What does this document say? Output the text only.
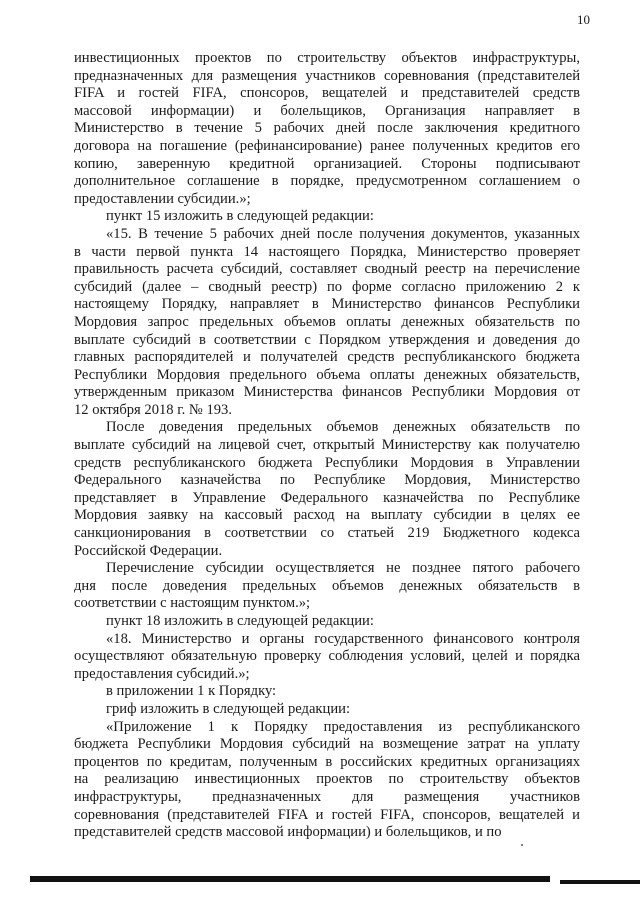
10

инвестиционных проектов по строительству объектов инфраструктуры,

предназначенных для размещения участников соревнования (представителей

FIFA и гостей FIFA, спонсоров, вещателей и представителей средств

массовой информации) и болельщиков, Организация направляет в

Министерство в течение 5 рабочих дней после заключения кредитного

договора на погашение (рефинансирование) ранее полученных кредитов его

копию, заверенную кредитной организацией. Стороны подписывают

дополнительное соглашение в порядке, предусмотренном соглашением о

предоставлении субсидии.»;

пункт 15 изложить в следующей редакции:

«15. В течение 5 рабочих дней после получения документов, указанных

в части первой пункта 14 настоящего Порядка, Министерство проверяет

правильность расчета субсидий, составляет сводный реестр на перечисление

субсидий (далее – сводный реестр) по форме согласно приложению 2 к

настоящему Порядку, направляет в Министерство финансов Республики

Мордовия запрос предельных объемов оплаты денежных обязательств по

выплате субсидий в соответствии с Порядком утверждения и доведения до

главных распорядителей и получателей средств республиканского бюджета

Республики Мордовия предельного объема оплаты денежных обязательств,

утвержденным приказом Министерства финансов Республики Мордовия от

12 октября 2018 г. № 193.

После доведения предельных объемов денежных обязательств по

выплате субсидий на лицевой счет, открытый Министерству как получателю

средств республиканского бюджета Республики Мордовия в Управлении

Федерального казначейства по Республике Мордовия, Министерство

представляет в Управление Федерального казначейства по Республике

Мордовия заявку на кассовый расход на выплату субсидии в целях ее

санкционирования в соответствии со статьей 219 Бюджетного кодекса

Российской Федерации.

Перечисление субсидии осуществляется не позднее пятого рабочего

дня после доведения предельных объемов денежных обязательств в

соответствии с настоящим пунктом.»;

пункт 18 изложить в следующей редакции:

«18. Министерство и органы государственного финансового контроля

осуществляют обязательную проверку соблюдения условий, целей и порядка

предоставления субсидий.»;

в приложении 1 к Порядку:

гриф изложить в следующей редакции:

«Приложение 1 к Порядку предоставления из республиканского

бюджета Республики Мордовия субсидий на возмещение затрат на уплату

процентов по кредитам, полученным в российских кредитных организациях

на реализацию инвестиционных проектов по строительству объектов

инфраструктуры, предназначенных для размещения участников

соревнования (представителей FIFA и гостей FIFA, спонсоров, вещателей и

представителей средств массовой информации) и болельщиков, и по
